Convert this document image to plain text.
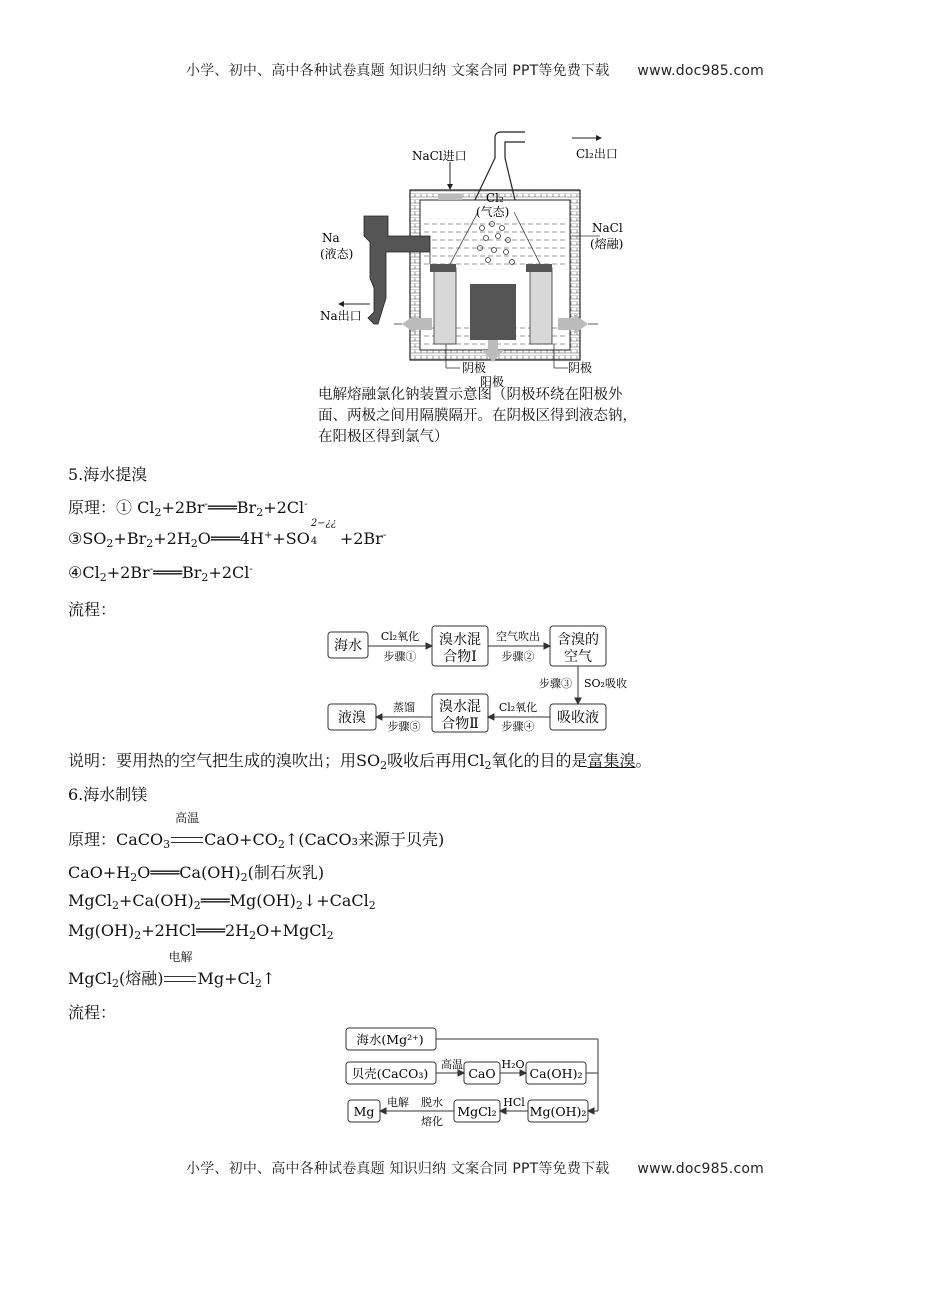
小学、初中、高中各种试卷真题 知识归纳 文案合同 PPT等免费下载 www.doc985.com
NaCl进口	Cl₂出口
Cl₂
(气态)
NaCl
(熔融)
Na
(液态)
Na出口
阴极	阴极
阳极
电解熔融氯化钠装置示意图（阴极环绕在阳极外面、两极之间用隔膜隔开。在阴极区得到液态钠，在阳极区得到氯气）
5.海水提溴
原理：① $Cl_2+2Br^-═══Br_2+2Cl^-$
$③SO_2+Br_2+2H_2O═══4H^++SO$
2−¿¿
4 +2Br-
$④Cl_2+2Br^-═══Br_2+2Cl^-$
流程：
海水	溴水混
合物Ⅰ
含溴的
空气
吸收液
溴水混
合物Ⅱ
液溴
Cl₂氧化
步骤①
空气吹出
步骤②
步骤③ SO₂吸收
Cl₂氧化
步骤④
蒸馏
步骤⑤
说明：要用热的空气把生成的溴吹出；用$SO_2$吸收后再用$Cl_2$氧化的目的是富集溴。
6.海水制镁
原理：CaCO$_3$
高温
$CaO+CO_2↑(CaCO_3$来源于贝壳)
$CaO+H_2O═══Ca(OH)_2$(制石灰乳)
$MgCl_2+Ca(OH)_2═══Mg(OH)_2↓+CaCl_2$
$Mg(OH)_2+2HCl═══2H_2O+MgCl_2$
MgCl$_2$(熔融)
电解
$Mg+Cl_2↑$
流程：
海水(Mg²⁺)
贝壳(CaCO₃)
高温
CaO
H₂O
Ca(OH)₂
Mg(OH)₂
HCl
MgCl₂
脱水
熔化
电解
Mg
小学、初中、高中各种试卷真题 知识归纳 文案合同 PPT等免费下载 www.doc985.com
